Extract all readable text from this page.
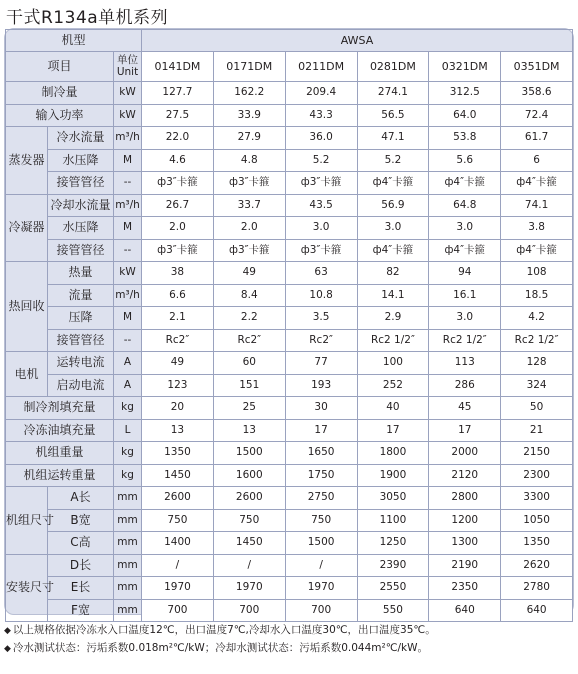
干式R134a单机系列
机型			AWSA					
项目		单位
Unit	0141DM	0171DM	0211DM	0281DM	0321DM	0351DM
制冷量		kW	127.7	162.2	209.4	274.1	312.5	358.6
输入功率		kW	27.5	33.9	43.3	56.5	64.0	72.4
蒸发器	冷水流量	m³/h	22.0	27.9	36.0	47.1	53.8	61.7
	水压降	M	4.6	4.8	5.2	5.2	5.6	6
	接管管径	--	ф3″卡箍	ф3″卡箍	ф3″卡箍	ф4″卡箍	ф4″卡箍	ф4″卡箍
冷凝器	冷却水流量	m³/h	26.7	33.7	43.5	56.9	64.8	74.1
	水压降	M	2.0	2.0	3.0	3.0	3.0	3.8
	接管管径	--	ф3″卡箍	ф3″卡箍	ф3″卡箍	ф4″卡箍	ф4″卡箍	ф4″卡箍
热回收	热量	kW	38	49	63	82	94	108
	流量	m³/h	6.6	8.4	10.8	14.1	16.1	18.5
	压降	M	2.1	2.2	3.5	2.9	3.0	4.2
	接管管径	--	Rc2″	Rc2″	Rc2″	Rc2 1/2″	Rc2 1/2″	Rc2 1/2″
电机	运转电流	A	49	60	77	100	113	128
	启动电流	A	123	151	193	252	286	324
制冷剂填充量		kg	20	25	30	40	45	50
冷冻油填充量		L	13	13	17	17	17	21
机组重量		kg	1350	1500	1650	1800	2000	2150
机组运转重量		kg	1450	1600	1750	1900	2120	2300
机组尺寸	A长	mm	2600	2600	2750	3050	2800	3300
	B宽	mm	750	750	750	1100	1200	1050
	C高	mm	1400	1450	1500	1250	1300	1350
安装尺寸	D长	mm	/	/	/	2390	2190	2620
	E长	mm	1970	1970	1970	2550	2350	2780
	F宽	mm	700	700	700	550	640	640
◆ 以上规格依据冷冻水入口温度12℃，出口温度7℃,冷却水入口温度30℃，出口温度35℃。
◆ 冷水测试状态：污垢系数0.018m²℃/kW；冷却水测试状态：污垢系数0.044m²℃/kW。
